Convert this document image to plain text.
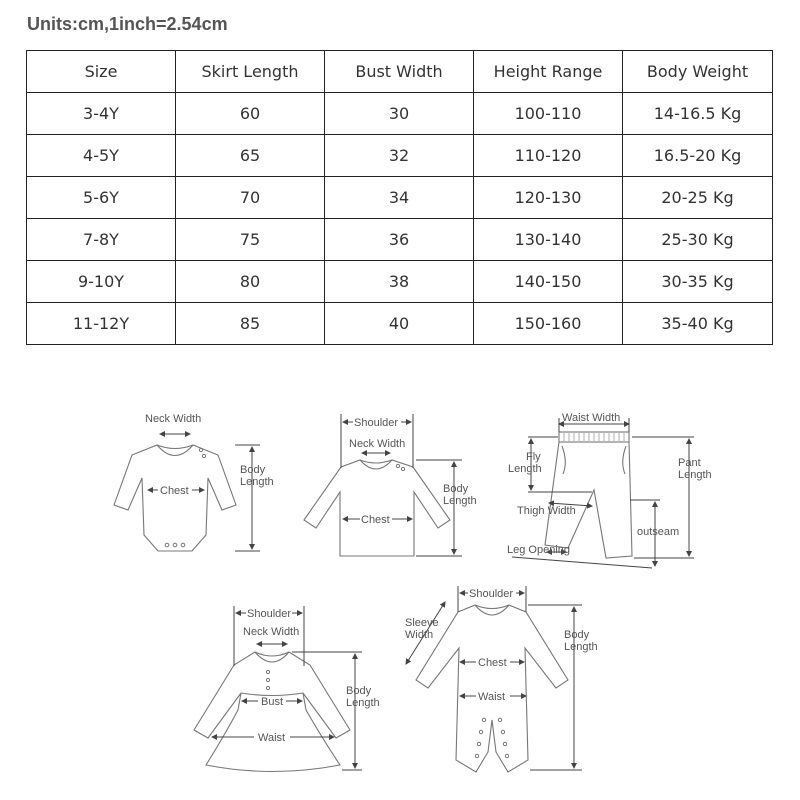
Units:cm,1inch=2.54cm
Size	Skirt Length	Bust Width	Height Range	Body Weight
3-4Y	60	30	100-110	14-16.5 Kg
4-5Y	65	32	110-120	16.5-20 Kg
5-6Y	70	34	120-130	20-25 Kg
7-8Y	75	36	130-140	25-30 Kg
9-10Y	80	38	140-150	30-35 Kg
11-12Y	85	40	150-160	35-40 Kg
Neck Width
Chest
Body
Length
Shoulder
Neck Width
Chest
Body
Length
Waist Width
Fly
Length	Pant
Length
Thigh Width
outseam
Leg Opening
Shoulder
Neck Width
Bust
Waist
Body
Length
Shoulder
Sleeve
Width
Chest
Waist
Body
Length
